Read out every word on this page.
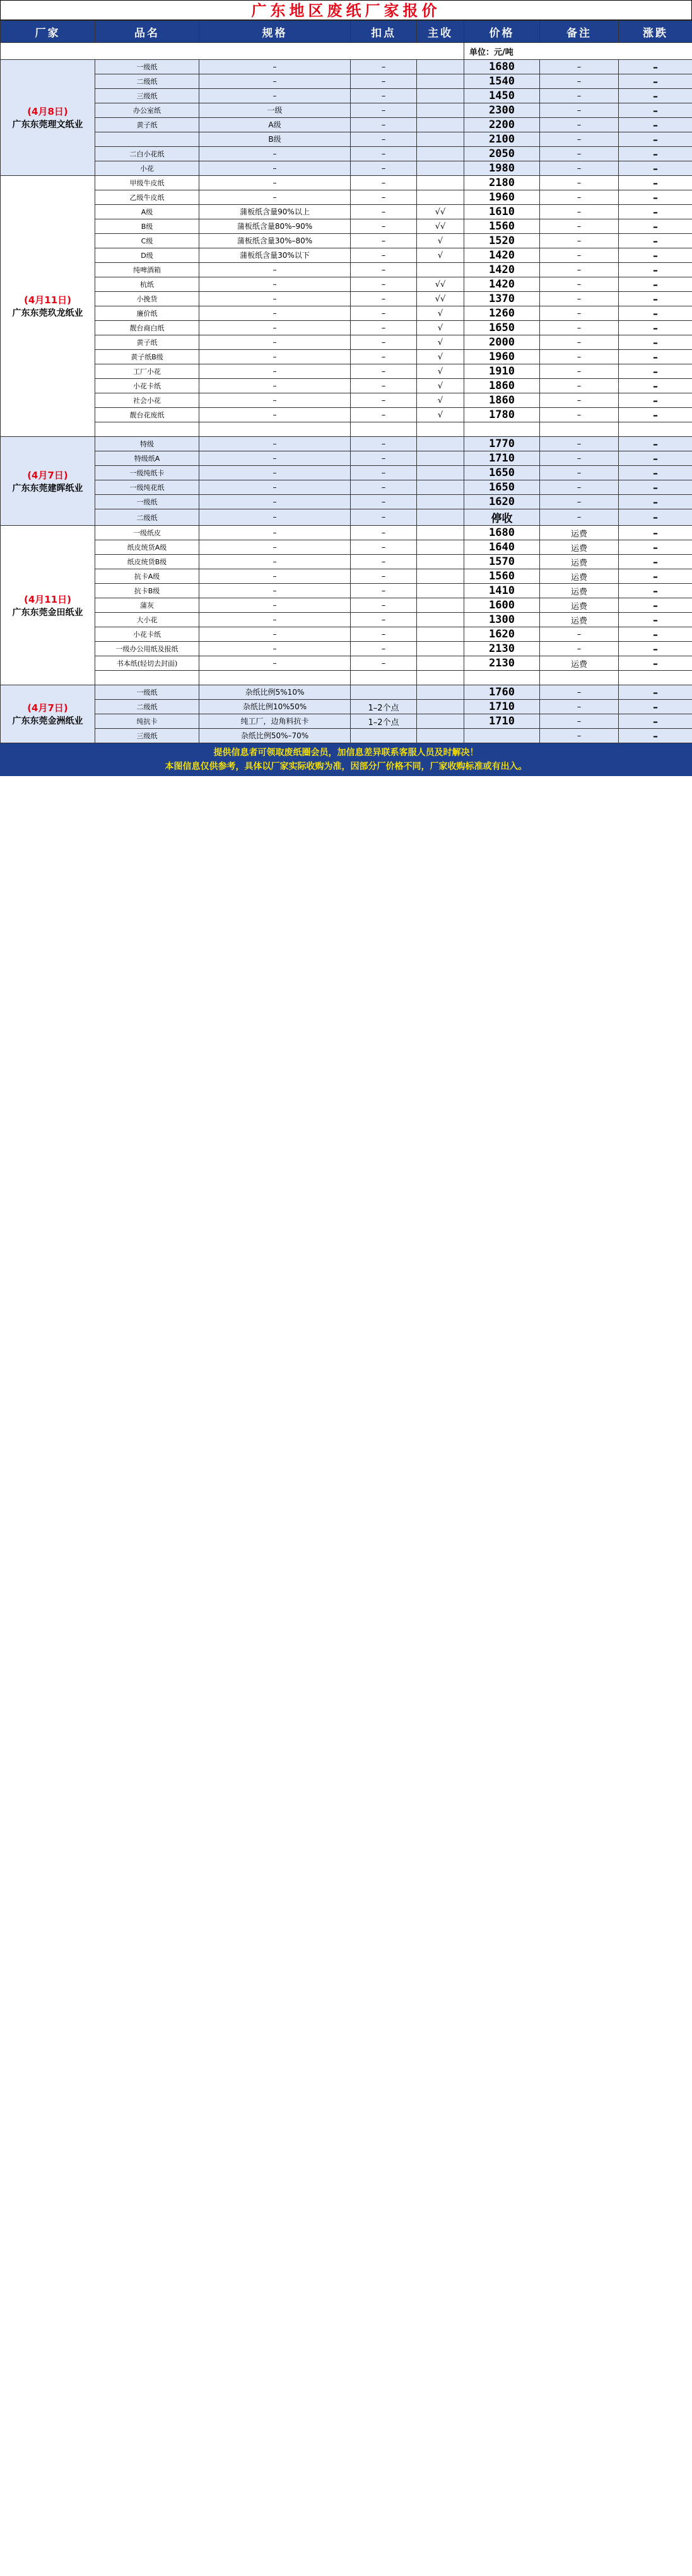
广东地区废纸厂家报价
厂家	品名	规格	扣点	主收	价格	备注	涨跌
					单位：元/吨		

(4月8日)
广东东莞理文纸业	一级纸	–	–		1680	–	–
	二级纸	–	–		1540	–	–
	三级纸	–	–		1450	–	–
	办公室纸	一级	–		2300	–	–
	黄子纸	A级	–		2200	–	–
		B级	–		2100	–	–
	二白小花纸	–	–		2050	–	–
	小花	–	–		1980	–	–

(4月11日)
广东东莞玖龙纸业	甲级牛皮纸	–	–		2180	–	–
	乙级牛皮纸	–	–		1960	–	–
	A级	蒲板纸含量90%以上	–	√√	1610	–	–
	B级	蒲板纸含量80%–90%	–	√√	1560	–	–
	C级	蒲板纸含量30%–80%	–	√	1520	–	–
	D级	蒲板纸含量30%以下	–	√	1420	–	–
	纯啤酒箱	–	–		1420	–	–
	杭纸	–	–	√√	1420	–	–
	小挽货	–	–	√√	1370	–	–
	廉价纸	–	–	√	1260	–	–
	靓台商白纸	–	–	√	1650	–	–
	黄子纸	–	–	√	2000	–	–
	黄子纸B级	–	–	√	1960	–	–
	工厂小花	–	–	√	1910	–	–
	小花卡纸	–	–	√	1860	–	–
	社会小花	–	–	√	1860	–	–
	靓台花废纸	–	–	√	1780	–	–

(4月7日)
广东东莞建晖纸业	特级	–	–		1770	–	–
	特级纸A	–	–		1710	–	–
	一级纯纸卡	–	–		1650	–	–
	一级纯花纸	–	–		1650	–	–
	一级纸	–	–		1620	–	–
	二级纸	–	–		停收	–	–

(4月11日)
广东东莞金田纸业	一级纸皮	–	–		1680	运费	–
	纸皮统货A级	–	–		1640	运费	–
	纸皮统货B级	–	–		1570	运费	–
	抗卡A级	–	–		1560	运费	–
	抗卡B级	–	–		1410	运费	–
	蒲灰	–	–		1600	运费	–
	大小花	–	–		1300	运费	–
	小花卡纸	–	–		1620	–	–
	一级办公用纸及报纸	–	–		2130	–	–
	书本纸(轻切去封面)	–	–		2130	运费	–

(4月7日)
广东东莞金洲纸业	一级纸	杂纸比例5%10%			1760	–	–
	二级纸	杂纸比例10%50%	1–2个点		1710	–	–
	纯抗卡	纯工厂，边角料抗卡	1–2个点		1710	–	–
	三级纸	杂纸比例50%–70%				–	–
提供信息者可领取废纸圈会员，加信息差异联系客服人员及时解决！
本图信息仅供参考，具体以厂家实际收购为准，因部分厂价格不同，厂家收购标准或有出入。
